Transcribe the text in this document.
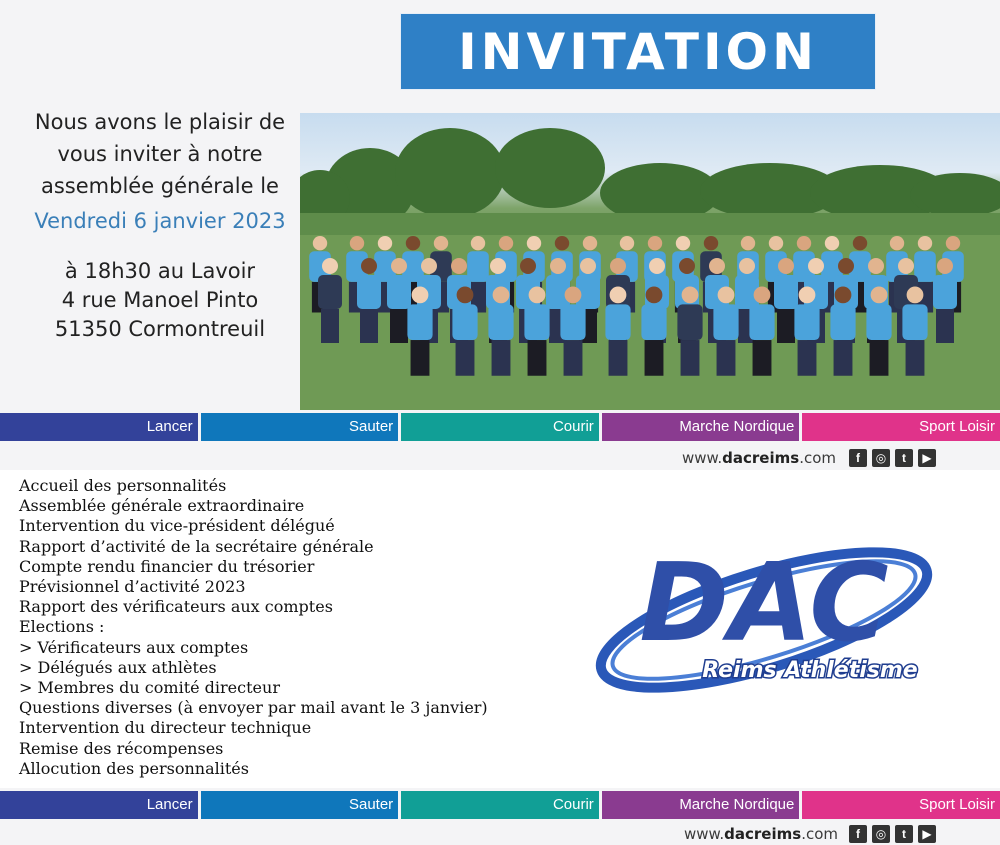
INVITATION
Nous avons le plaisir de
vous inviter à notre
assemblée générale le
Vendredi 6 janvier 2023
à 18h30 au Lavoir
4 rue Manoel Pinto
51350 Cormontreuil
Lancer	Sauter	Courir	Marche Nordique	Sport Loisir
www.dacreims.com	f	◎	t	▶
Accueil des personnalités
Assemblée générale extraordinaire
Intervention du vice-président délégué
Rapport d’activité de la secrétaire générale
Compte rendu financier du trésorier
Prévisionnel d’activité 2023
Rapport des vérificateurs aux comptes
Elections :
> Vérificateurs aux comptes
> Délégués aux athlètes
> Membres du comité directeur
Questions diverses (à envoyer par mail avant le 3 janvier)
Intervention du directeur technique
Remise des récompenses
Allocution des personnalités
DAC
Reims Athlétisme
Lancer	Sauter	Courir	Marche Nordique	Sport Loisir
www.dacreims.com	f	◎	t	▶
